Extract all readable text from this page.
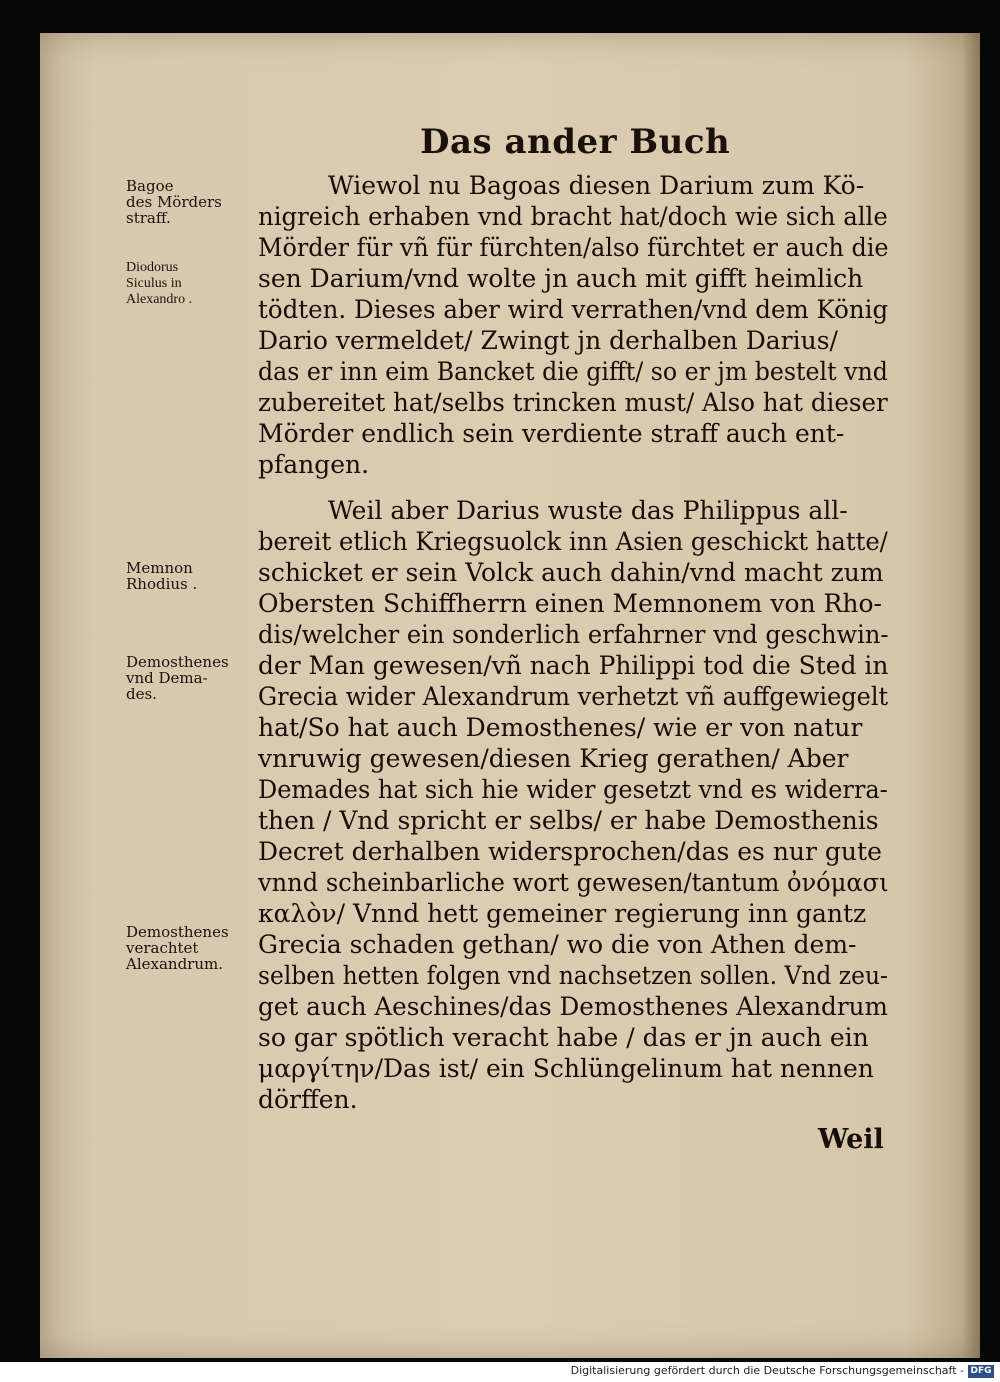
Das ander Buch
Bagoe
des Mörders
straff.
Diodorus
Siculus in
Alexandro .
Memnon
Rhodius .
Demosthenes
vnd Dema-
des.
Demosthenes
verachtet
Alexandrum.
Wiewol nu Bagoas diesen Darium zum Kö-
nigreich erhaben vnd bracht hat/doch wie sich alle
Mörder für vñ für fürchten/also fürchtet er auch die
sen Darium/vnd wolte jn auch mit gifft heimlich
tödten. Dieses aber wird verrathen/vnd dem König
Dario vermeldet/ Zwingt jn derhalben Darius/
das er inn eim Bancket die gifft/ so er jm bestelt vnd
zubereitet hat/selbs trincken must/ Also hat dieser
Mörder endlich sein verdiente straff auch ent-
pfangen.
Weil aber Darius wuste das Philippus all-
bereit etlich Kriegsuolck inn Asien geschickt hatte/
schicket er sein Volck auch dahin/vnd macht zum
Obersten Schiffherrn einen Memnonem von Rho-
dis/welcher ein sonderlich erfahrner vnd geschwin-
der Man gewesen/vñ nach Philippi tod die Sted in
Grecia wider Alexandrum verhetzt vñ auffgewiegelt
hat/So hat auch Demosthenes/ wie er von natur
vnruwig gewesen/diesen Krieg gerathen/ Aber
Demades hat sich hie wider gesetzt vnd es widerra-
then / Vnd spricht er selbs/ er habe Demosthenis
Decret derhalben widersprochen/das es nur gute
vnnd scheinbarliche wort gewesen/tantum ὀνόμασι
καλὸν/ Vnnd hett gemeiner regierung inn gantz
Grecia schaden gethan/ wo die von Athen dem-
selben hetten folgen vnd nachsetzen sollen. Vnd zeu-
get auch Aeschines/das Demosthenes Alexandrum
so gar spötlich veracht habe / das er jn auch ein
μαργίτην/Das ist/ ein Schlüngelinum hat nennen
dörffen.
Weil
Digitalisierung gefördert durch die Deutsche Forschungsgemeinschaft - DFG
